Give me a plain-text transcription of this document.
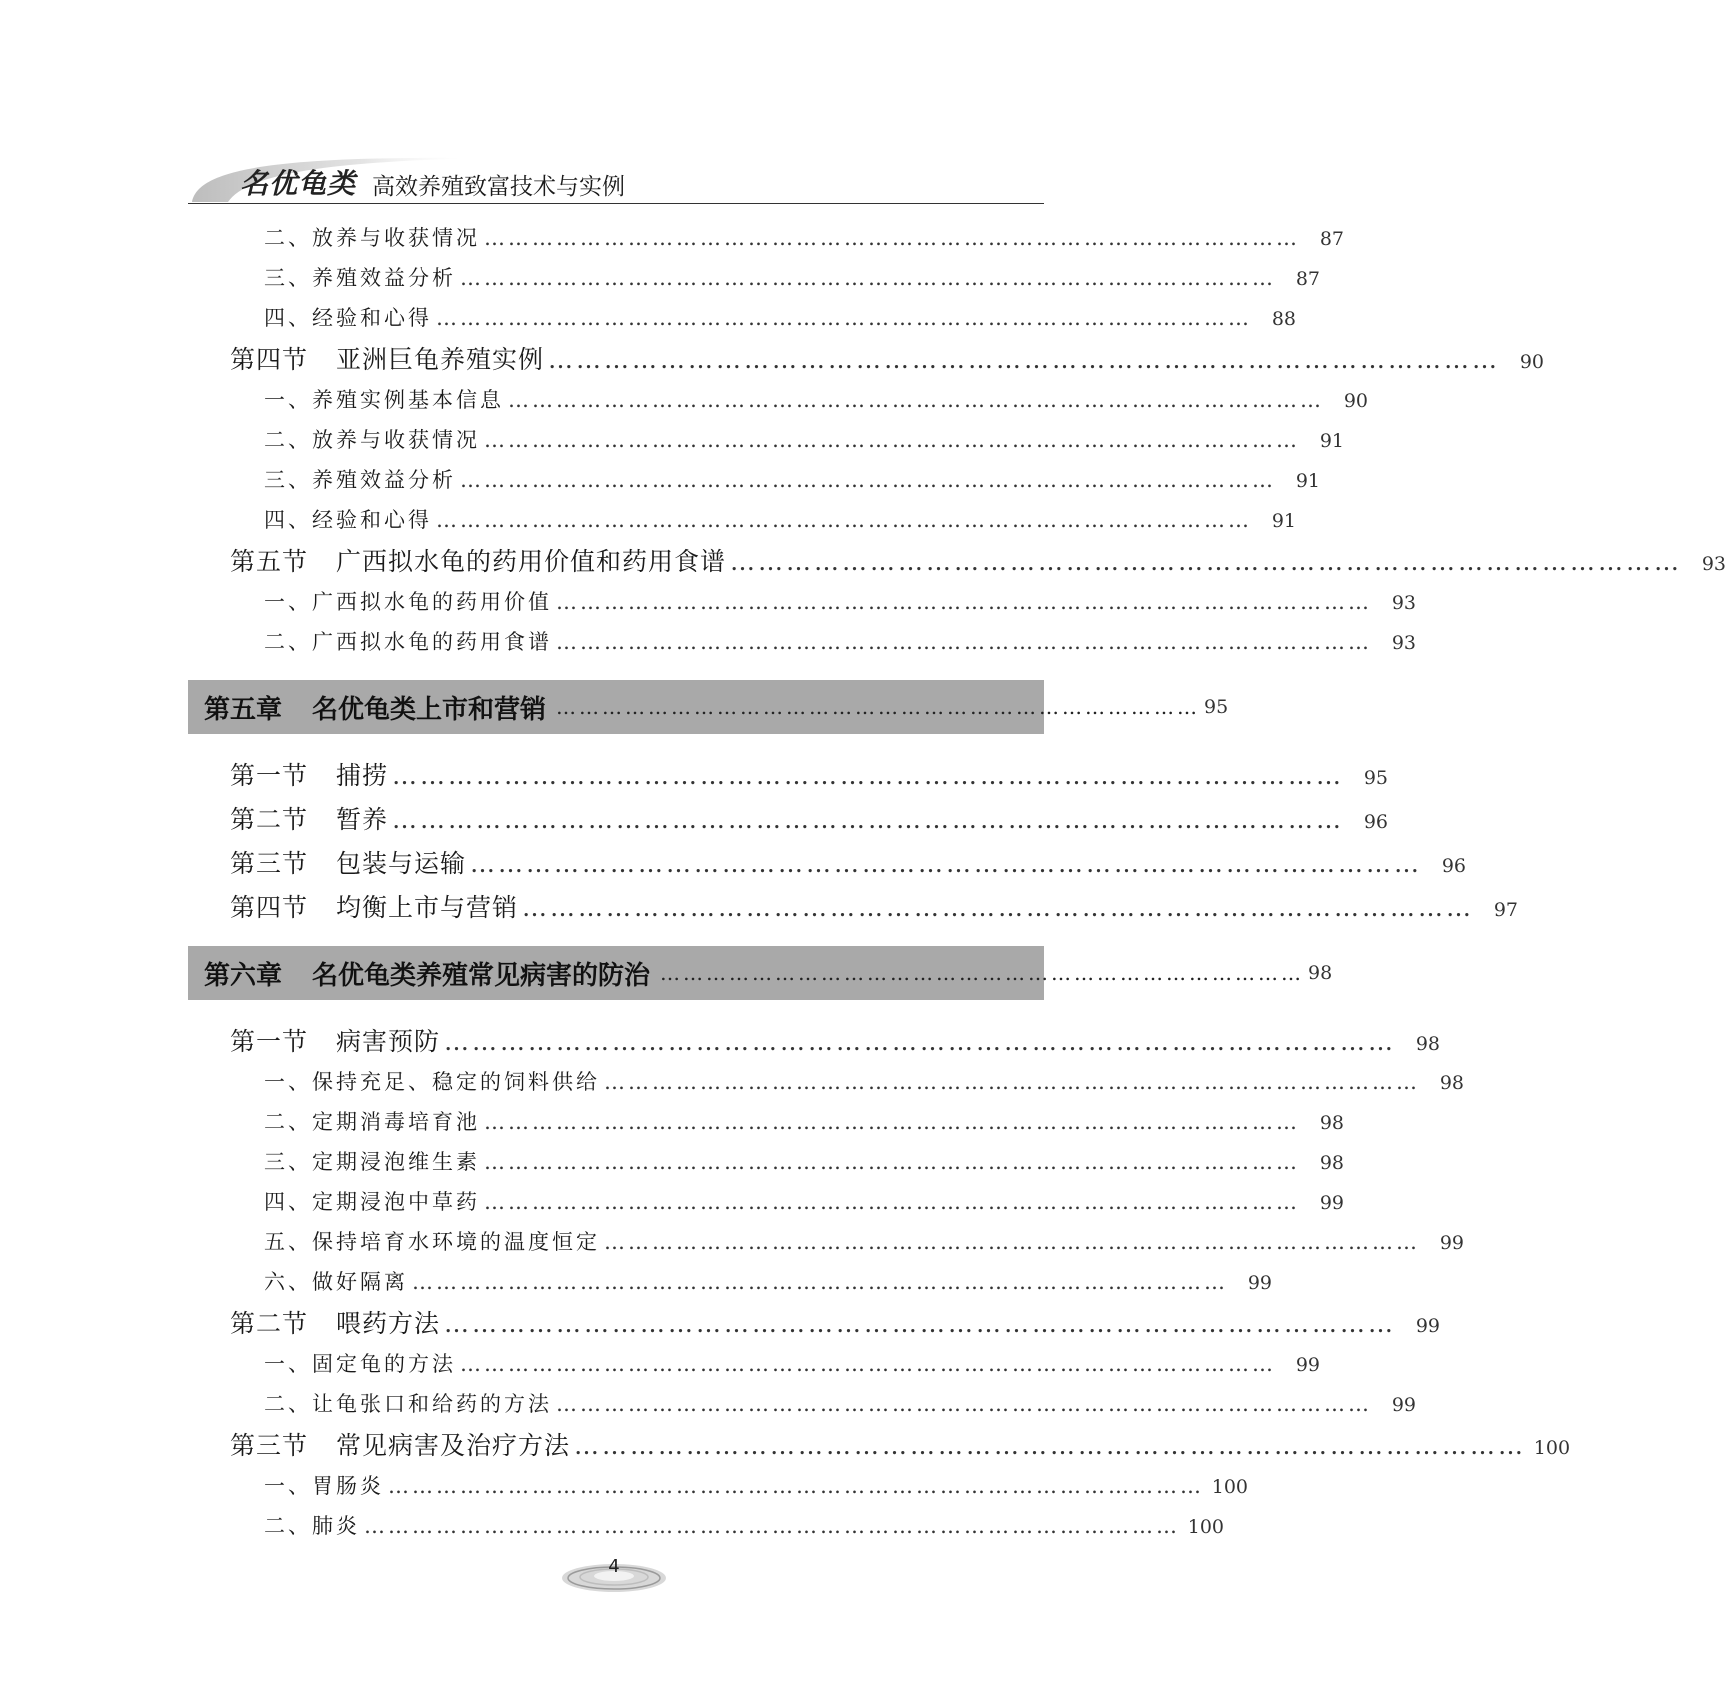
名优龟类 高效养殖致富技术与实例
二、放养与收获情况 …………………………………………………………………………………………	87
三、养殖效益分析 …………………………………………………………………………………………	87
四、经验和心得 …………………………………………………………………………………………	88
第四节 亚洲巨龟养殖实例 …………………………………………………………………………………………	90
一、养殖实例基本信息 …………………………………………………………………………………………	90
二、放养与收获情况 …………………………………………………………………………………………	91
三、养殖效益分析 …………………………………………………………………………………………	91
四、经验和心得 …………………………………………………………………………………………	91
第五节 广西拟水龟的药用价值和药用食谱 …………………………………………………………………………………………	93
一、广西拟水龟的药用价值 …………………………………………………………………………………………	93
二、广西拟水龟的药用食谱 …………………………………………………………………………………………	93
第五章 名优龟类上市和营销 ………………………………………………………………………… 95
第一节 捕捞 …………………………………………………………………………………………	95
第二节 暂养 …………………………………………………………………………………………	96
第三节 包装与运输 …………………………………………………………………………………………	96
第四节 均衡上市与营销 …………………………………………………………………………………………	97
第六章 名优龟类养殖常见病害的防治 ………………………………………………………………………… 98
第一节 病害预防 …………………………………………………………………………………………	98
一、保持充足、稳定的饲料供给 …………………………………………………………………………………………	98
二、定期消毒培育池 …………………………………………………………………………………………	98
三、定期浸泡维生素 …………………………………………………………………………………………	98
四、定期浸泡中草药 …………………………………………………………………………………………	99
五、保持培育水环境的温度恒定 …………………………………………………………………………………………	99
六、做好隔离 …………………………………………………………………………………………	99
第二节 喂药方法 …………………………………………………………………………………………	99
一、固定龟的方法 …………………………………………………………………………………………	99
二、让龟张口和给药的方法 …………………………………………………………………………………………	99
第三节 常见病害及治疗方法 ………………………………………………………………………………………… 100
一、胃肠炎 ………………………………………………………………………………………… 100
二、肺炎 ………………………………………………………………………………………… 100
4
